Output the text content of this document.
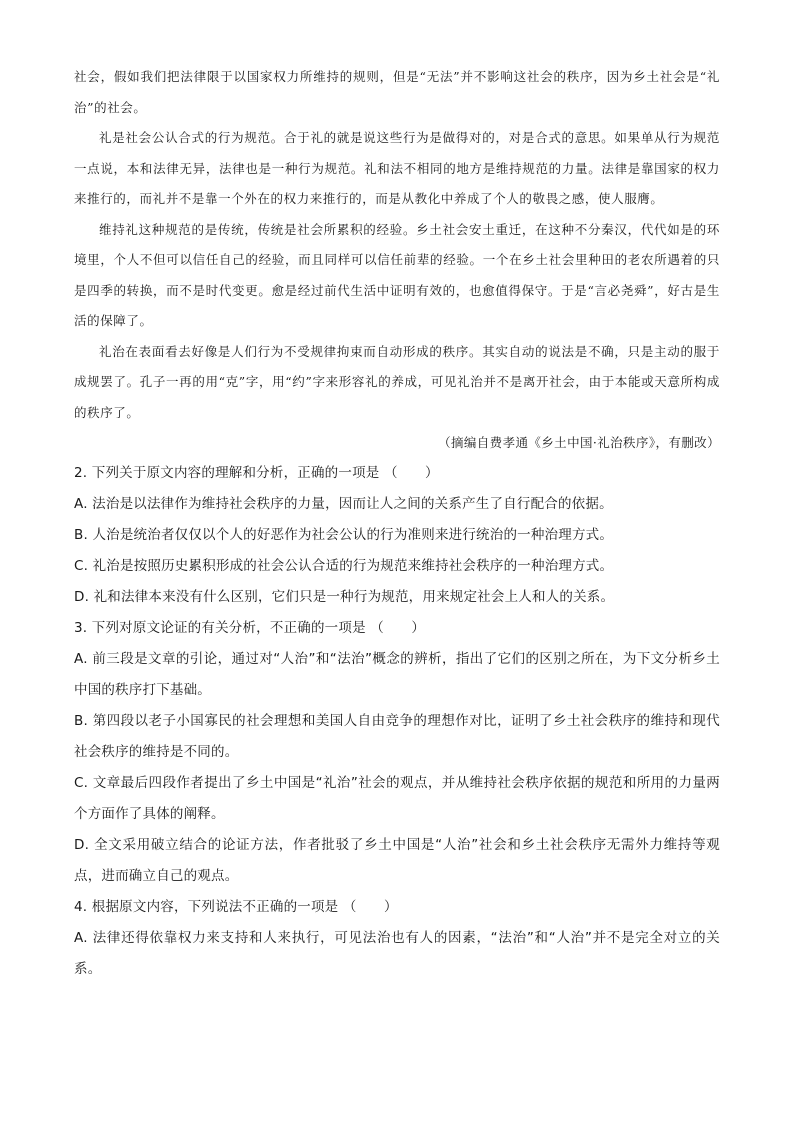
社会，假如我们把法律限于以国家权力所维持的规则，但是“无法”并不影响这社会的秩序，因为乡土社会是“礼治”的社会。

礼是社会公认合式的行为规范。合于礼的就是说这些行为是做得对的，对是合式的意思。如果单从行为规范一点说，本和法律无异，法律也是一种行为规范。礼和法不相同的地方是维持规范的力量。法律是靠国家的权力来推行的，而礼并不是靠一个外在的权力来推行的，而是从教化中养成了个人的敬畏之感，使人服膺。

维持礼这种规范的是传统，传统是社会所累积的经验。乡土社会安土重迁，在这种不分秦汉，代代如是的环境里，个人不但可以信任自己的经验，而且同样可以信任前辈的经验。一个在乡土社会里种田的老农所遇着的只是四季的转换，而不是时代变更。愈是经过前代生活中证明有效的，也愈值得保守。于是“言必尧舜”，好古是生活的保障了。

礼治在表面看去好像是人们行为不受规律拘束而自动形成的秩序。其实自动的说法是不确，只是主动的服于成规罢了。孔子一再的用“克”字，用“约”字来形容礼的养成，可见礼治并不是离开社会，由于本能或天意所构成的秩序了。

（摘编自费孝通《乡土中国·礼治秩序》，有删改）

2. 下列关于原文内容的理解和分析，正确的一项是 （　　）

A. 法治是以法律作为维持社会秩序的力量，因而让人之间的关系产生了自行配合的依据。

B. 人治是统治者仅仅以个人的好恶作为社会公认的行为准则来进行统治的一种治理方式。

C. 礼治是按照历史累积形成的社会公认合适的行为规范来维持社会秩序的一种治理方式。

D. 礼和法律本来没有什么区别，它们只是一种行为规范，用来规定社会上人和人的关系。

3. 下列对原文论证的有关分析，不正确的一项是 （　　）

A. 前三段是文章的引论，通过对“人治”和“法治”概念的辨析，指出了它们的区别之所在，为下文分析乡土中国的秩序打下基础。

B. 第四段以老子小国寡民的社会理想和美国人自由竞争的理想作对比，证明了乡土社会秩序的维持和现代社会秩序的维持是不同的。

C. 文章最后四段作者提出了乡土中国是“礼治”社会的观点，并从维持社会秩序依据的规范和所用的力量两个方面作了具体的阐释。

D. 全文采用破立结合的论证方法，作者批驳了乡土中国是“人治”社会和乡土社会秩序无需外力维持等观点，进而确立自己的观点。

4. 根据原文内容，下列说法不正确的一项是 （　　）

A. 法律还得依靠权力来支持和人来执行，可见法治也有人的因素，“法治”和“人治”并不是完全对立的关系。
